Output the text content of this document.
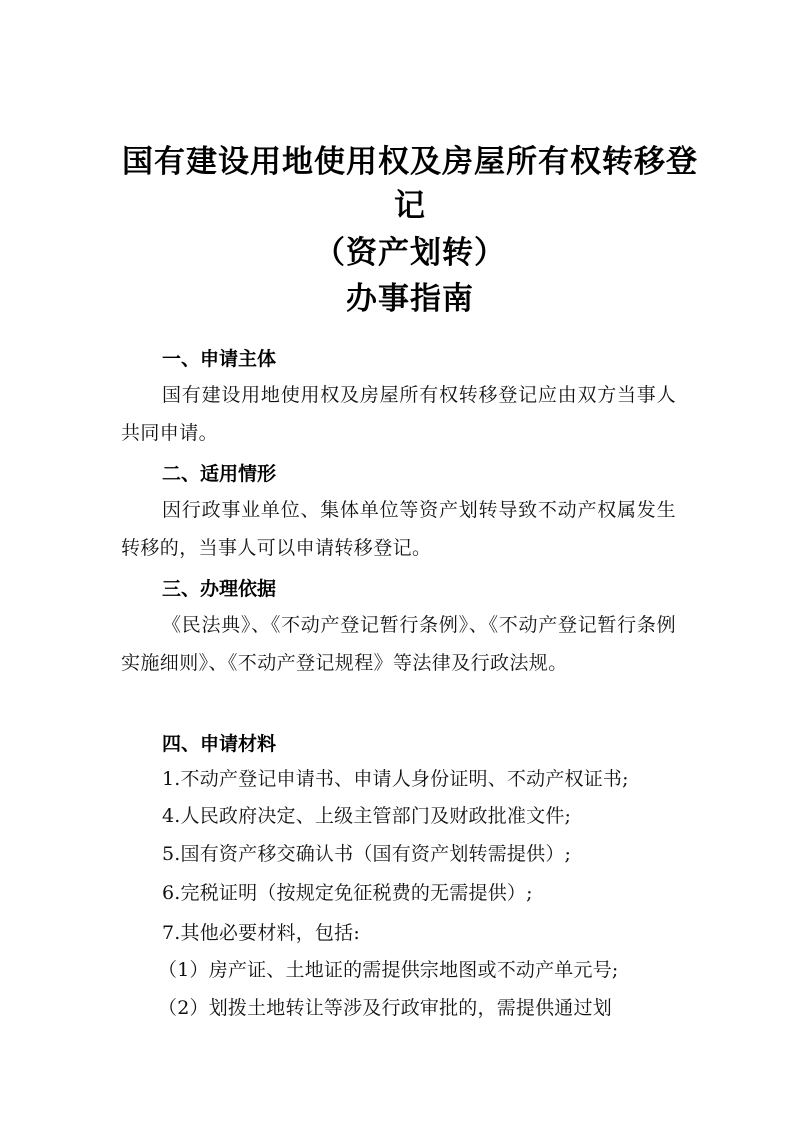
国有建设用地使用权及房屋所有权转移登
记
（资产划转）
办事指南
一、申请主体

国有建设用地使用权及房屋所有权转移登记应由双方当事人共同申请。

二、适用情形

因行政事业单位、集体单位等资产划转导致不动产权属发生转移的，当事人可以申请转移登记。

三、办理依据

《民法典》、《不动产登记暂行条例》、《不动产登记暂行条例实施细则》、《不动产登记规程》等法律及行政法规。

四、申请材料
1.不动产登记申请书、申请人身份证明、不动产权证书;
4.人民政府决定、上级主管部门及财政批准文件;
5.国有资产移交确认书（国有资产划转需提供）;
6.完税证明（按规定免征税费的无需提供）;
7.其他必要材料，包括:
（1）房产证、土地证的需提供宗地图或不动产单元号;
（2）划拨土地转让等涉及行政审批的，需提供通过划
